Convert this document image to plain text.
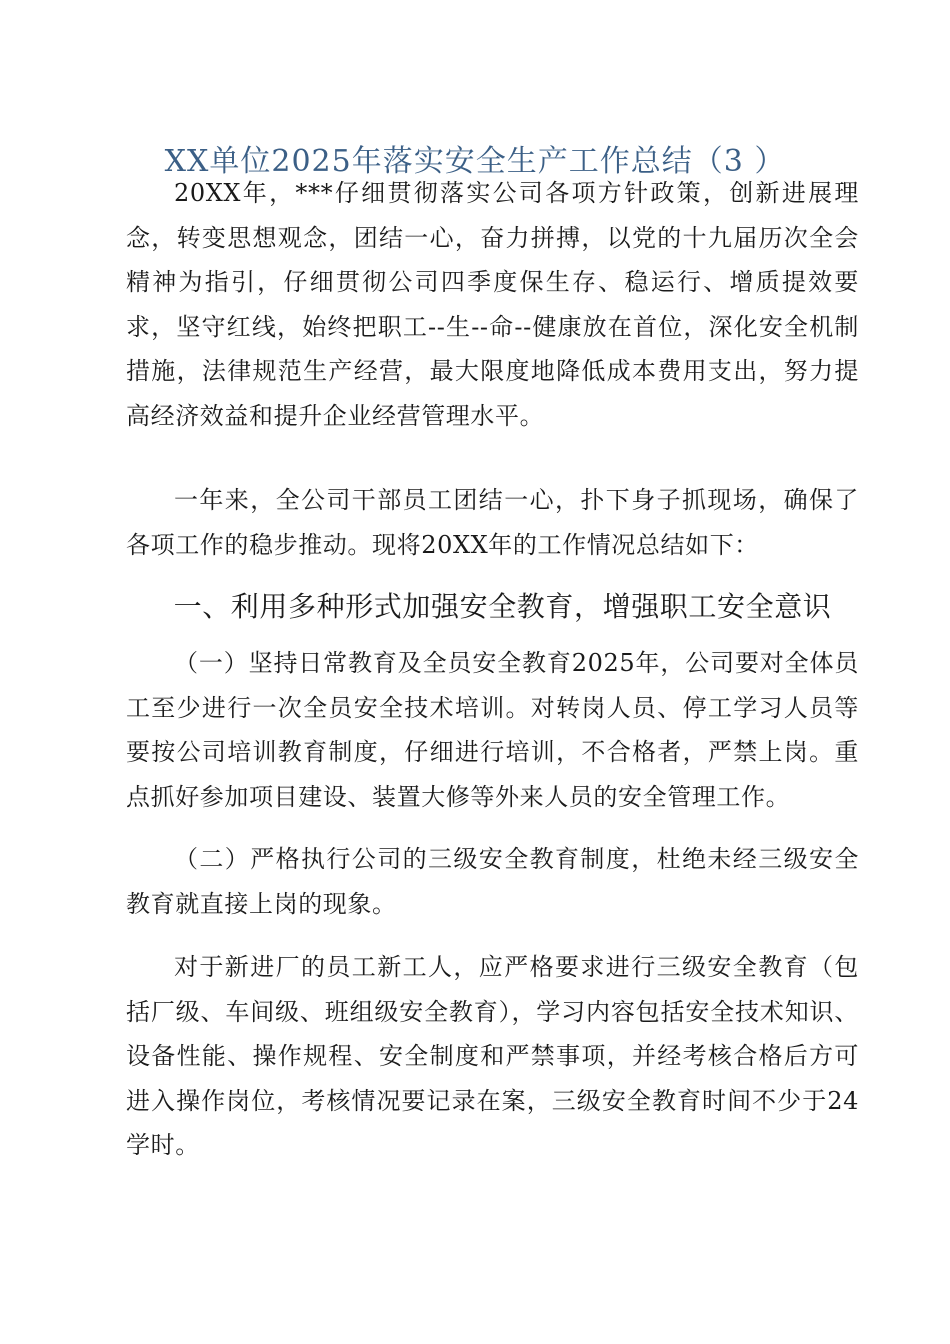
XX单位2025年落实安全生产工作总结（3 ）

20XX年，***仔细贯彻落实公司各项方针政策，创新进展理念，转变思想观念，团结一心，奋力拼搏，以党的十九届历次全会精神为指引，仔细贯彻公司四季度保生存、稳运行、增质提效要求，坚守红线，始终把职工--生--命--健康放在首位，深化安全机制措施，法律规范生产经营，最大限度地降低成本费用支出，努力提高经济效益和提升企业经营管理水平。

一年来，全公司干部员工团结一心，扑下身子抓现场，确保了各项工作的稳步推动。现将20XX年的工作情况总结如下：

一、利用多种形式加强安全教育，增强职工安全意识

（一）坚持日常教育及全员安全教育2025年，公司要对全体员工至少进行一次全员安全技术培训。对转岗人员、停工学习人员等要按公司培训教育制度，仔细进行培训，不合格者，严禁上岗。重点抓好参加项目建设、装置大修等外来人员的安全管理工作。

（二）严格执行公司的三级安全教育制度，杜绝未经三级安全教育就直接上岗的现象。

对于新进厂的员工新工人，应严格要求进行三级安全教育（包括厂级、车间级、班组级安全教育），学习内容包括安全技术知识、设备性能、操作规程、安全制度和严禁事项，并经考核合格后方可进入操作岗位，考核情况要记录在案，三级安全教育时间不少于24学时。
